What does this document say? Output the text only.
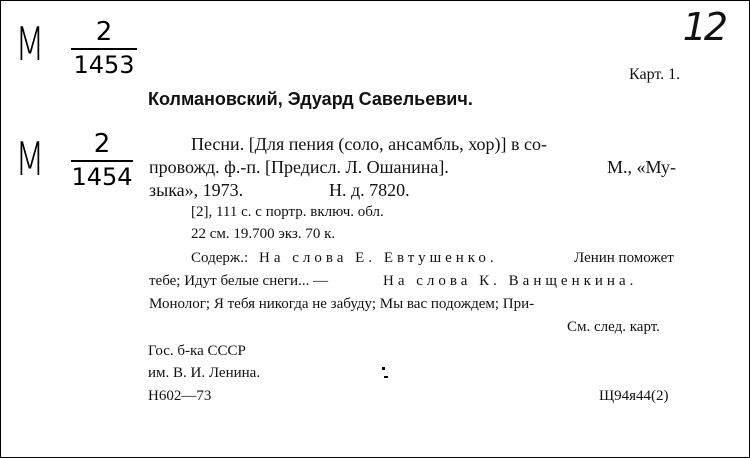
M	2
1453
M	2
1454
12
Карт. 1.
Колмановский, Эдуард Савельевич.
Песни. [Для пения (соло, ансамбль, хор)] в со-
провожд. ф.-п. [Предисл. Л. Ошанина].	М., «Му-
зыка», 1973.	Н. д. 7820.
[2], 111 с. с портр. включ. обл.
22 см. 19.700 экз. 70 к.
Содерж.: На слова Е. Евтушенко.	Ленин поможет
тебе; Идут белые снеги... —	На слова К. Ванщенкина.
Монолог; Я тебя никогда не забуду; Мы вас подождем; При-
См. след. карт.
Гос. б-ка СССР
им. В. И. Ленина.
Н602—73	Щ94я44(2)
